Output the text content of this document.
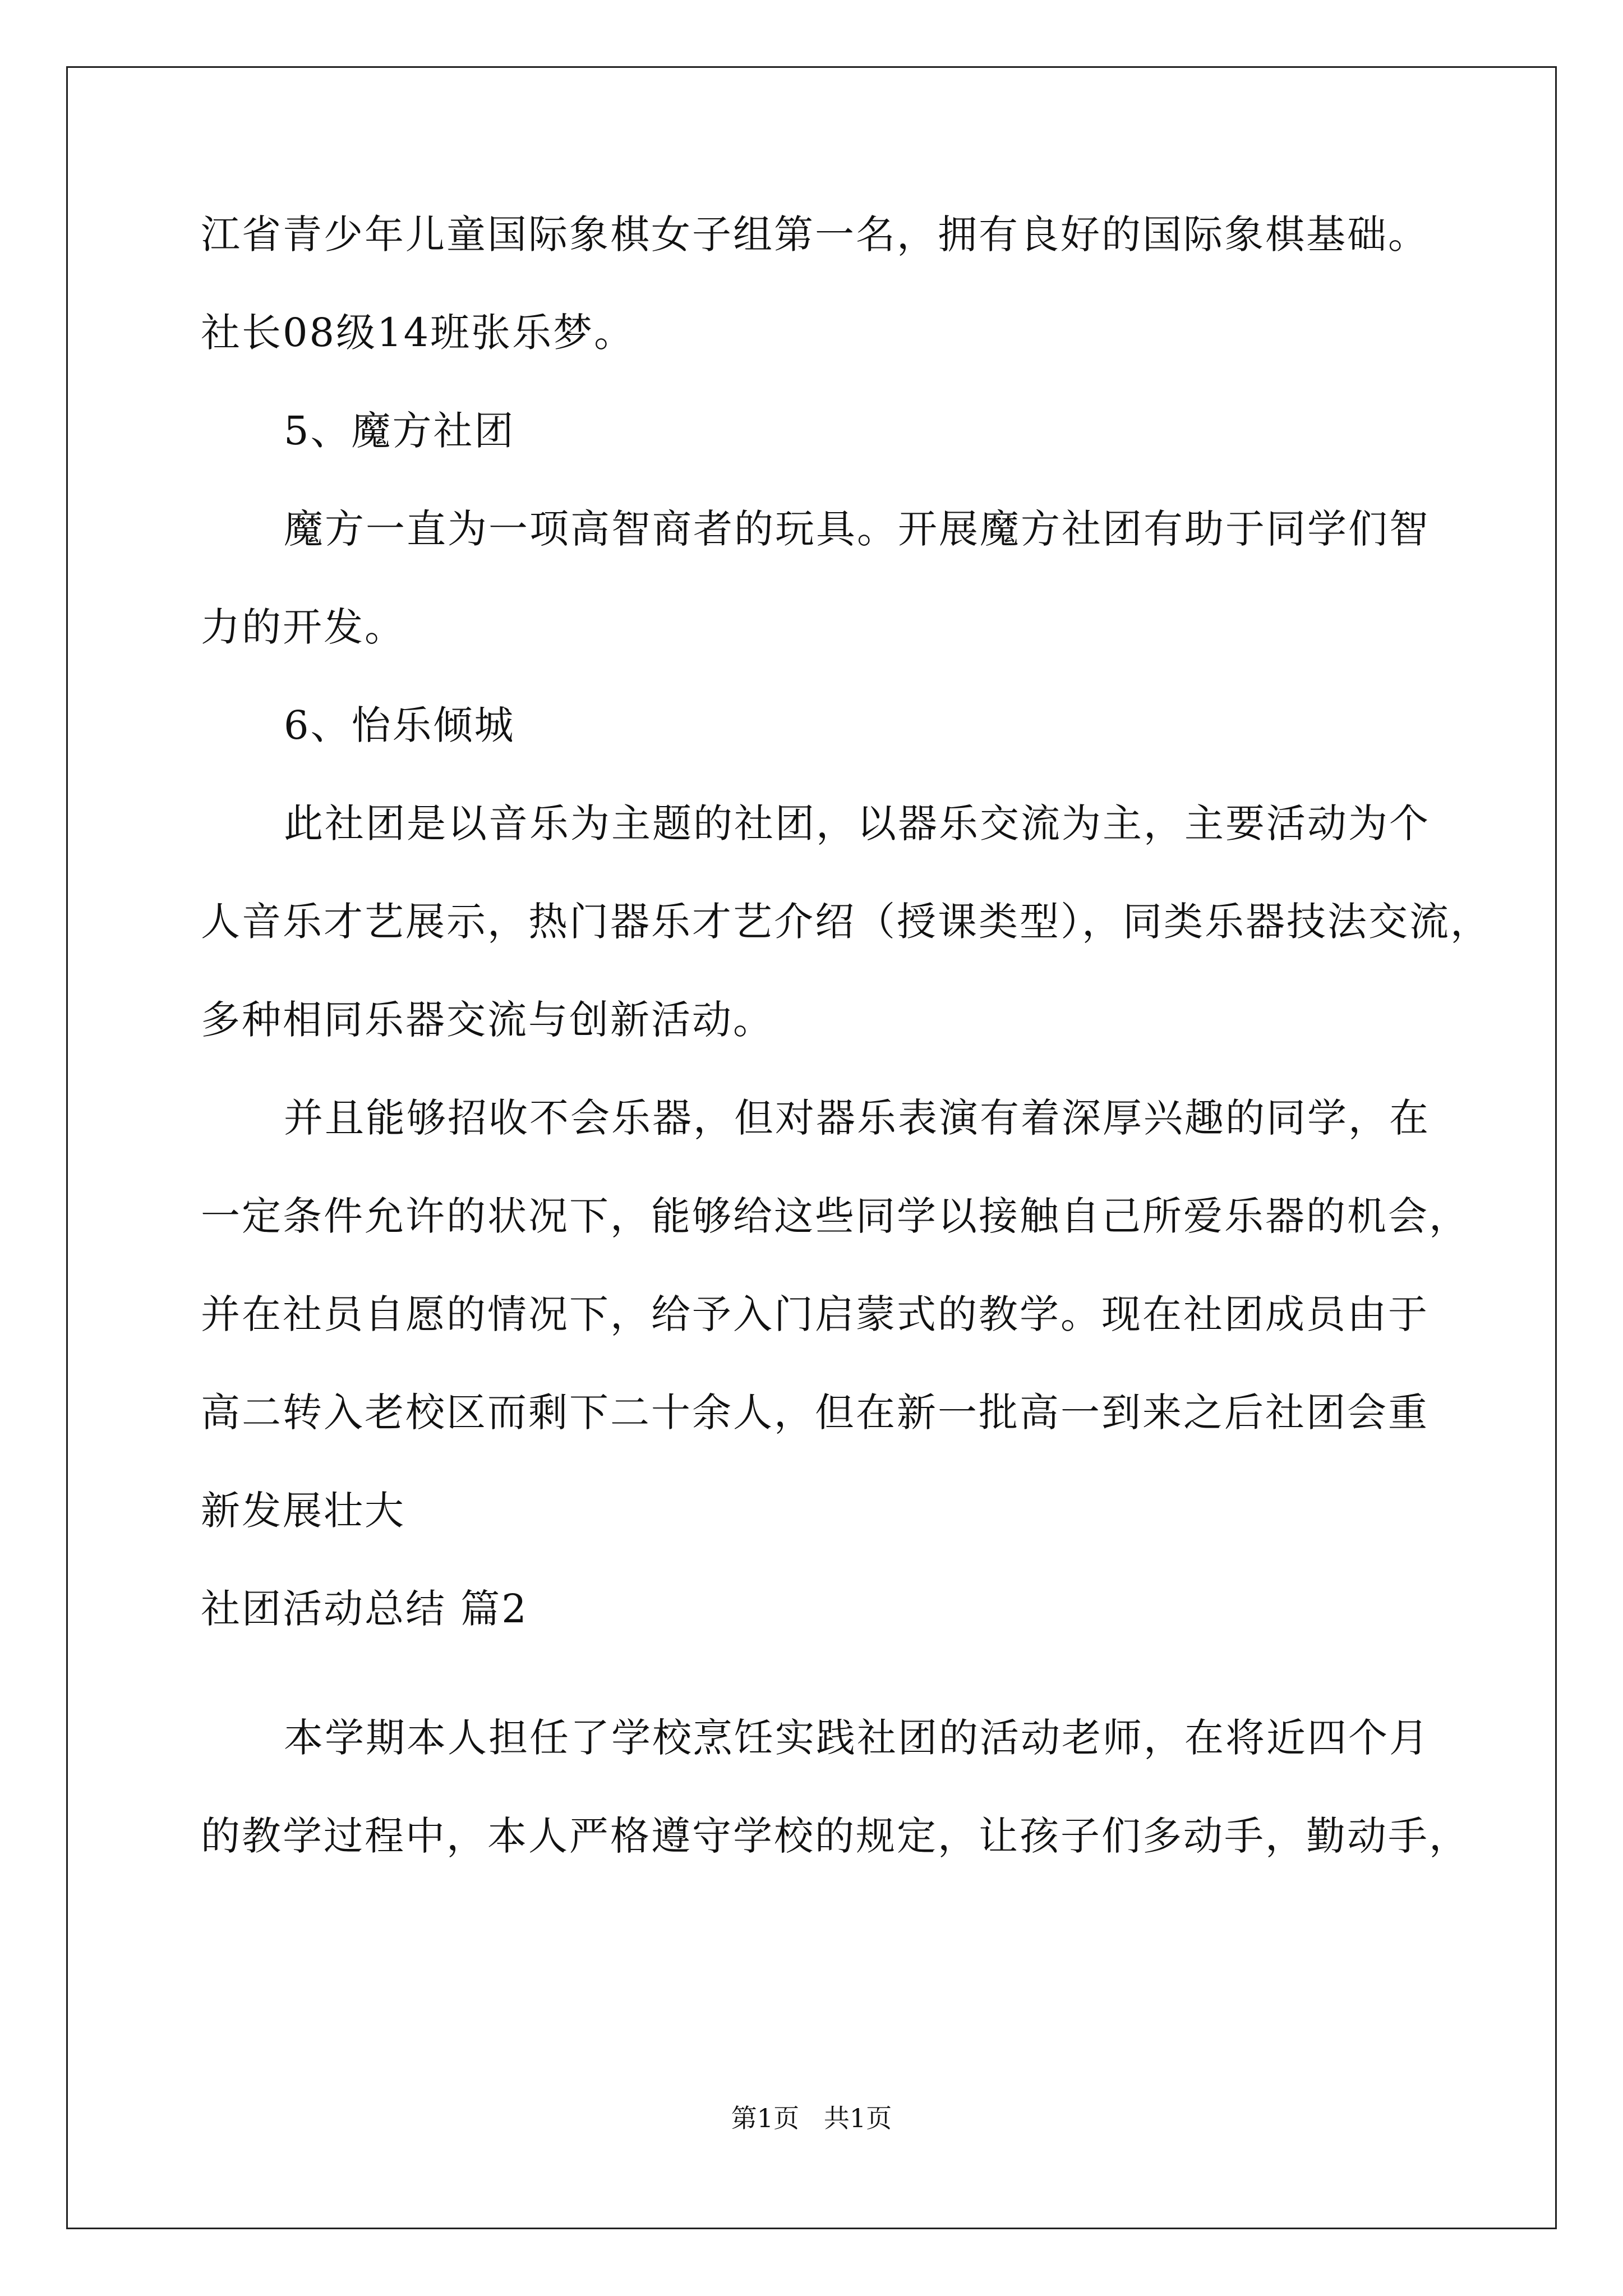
江省青少年儿童国际象棋女子组第一名，拥有良好的国际象棋基础。
社长08级14班张乐梦。
5、魔方社团
魔方一直为一项高智商者的玩具。开展魔方社团有助于同学们智
力的开发。
6、怡乐倾城
此社团是以音乐为主题的社团，以器乐交流为主，主要活动为个
人音乐才艺展示，热门器乐才艺介绍（授课类型），同类乐器技法交流，
多种相同乐器交流与创新活动。
并且能够招收不会乐器，但对器乐表演有着深厚兴趣的同学，在
一定条件允许的状况下，能够给这些同学以接触自己所爱乐器的机会，
并在社员自愿的情况下，给予入门启蒙式的教学。现在社团成员由于
高二转入老校区而剩下二十余人，但在新一批高一到来之后社团会重
新发展壮大
社团活动总结 篇2
本学期本人担任了学校烹饪实践社团的活动老师，在将近四个月
的教学过程中，本人严格遵守学校的规定，让孩子们多动手，勤动手，
第1页   共1页
